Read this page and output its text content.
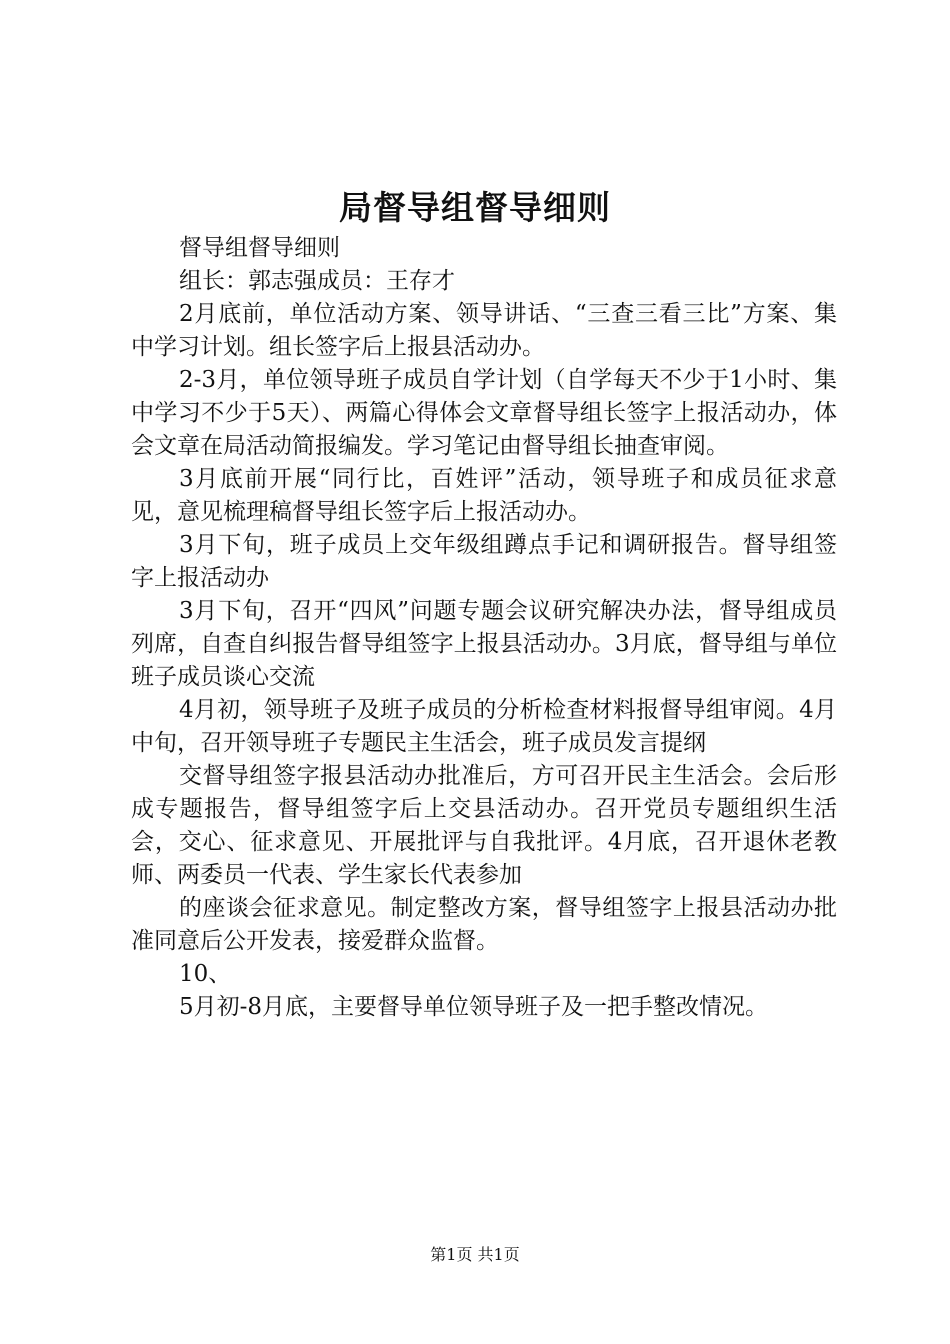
局督导组督导细则

督导组督导细则

组长：郭志强成员：王存才

2月底前，单位活动方案、领导讲话、“三查三看三比”方案、集中学习计划。组长签字后上报县活动办。

2-3月，单位领导班子成员自学计划（自学每天不少于1小时、集中学习不少于5天）、两篇心得体会文章督导组长签字上报活动办，体会文章在局活动简报编发。学习笔记由督导组长抽查审阅。

3月底前开展“同行比，百姓评”活动，领导班子和成员征求意见，意见梳理稿督导组长签字后上报活动办。

3月下旬，班子成员上交年级组蹲点手记和调研报告。督导组签字上报活动办

3月下旬，召开“四风”问题专题会议研究解决办法，督导组成员列席，自查自纠报告督导组签字上报县活动办。3月底，督导组与单位班子成员谈心交流

4月初，领导班子及班子成员的分析检查材料报督导组审阅。4月中旬，召开领导班子专题民主生活会，班子成员发言提纲

交督导组签字报县活动办批准后，方可召开民主生活会。会后形成专题报告，督导组签字后上交县活动办。召开党员专题组织生活会，交心、征求意见、开展批评与自我批评。4月底，召开退休老教师、两委员一代表、学生家长代表参加

的座谈会征求意见。制定整改方案，督导组签字上报县活动办批准同意后公开发表，接爱群众监督。

10、

5月初-8月底，主要督导单位领导班子及一把手整改情况。

第1页 共1页
